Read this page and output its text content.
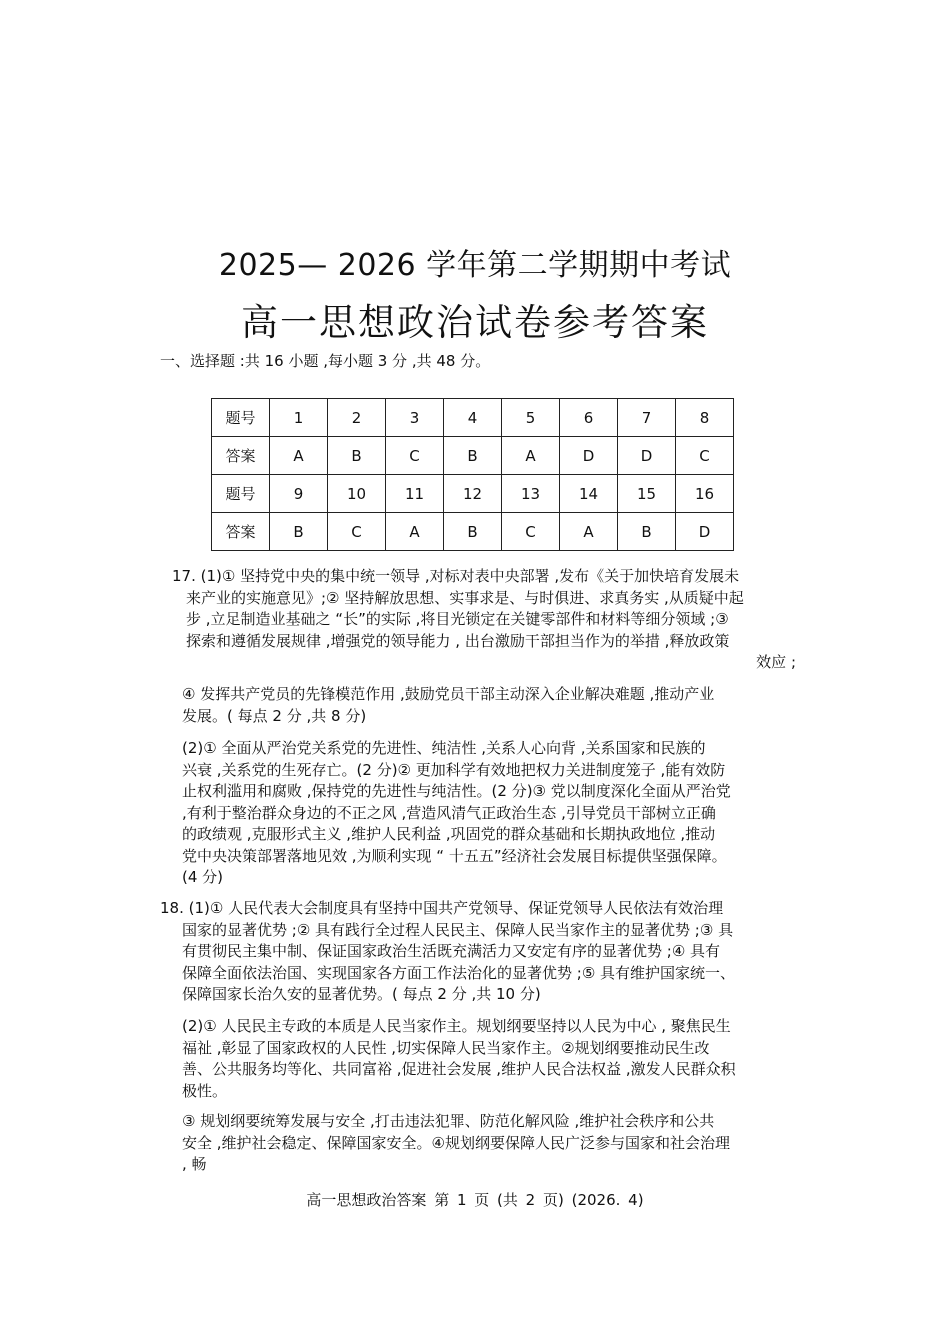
2025— 2026 学年第二学期期中考试
高一思想政治试卷参考答案
一、选择题 :共 16 小题 ,每小题 3 分 ,共 48 分。
题号	1	2	3	4	5	6	7	8
答案	A	B	C	B	A	D	D	C
题号	9	10	11	12	13	14	15	16
答案	B	C	A	B	C	A	B	D
17. (1)① 坚持党中央的集中统一领导 ,对标对表中央部署 ,发布《关于加快培育发展未
来产业的实施意见》;② 坚持解放思想、实事求是、与时俱进、求真务实 ,从质疑中起
步 ,立足制造业基础之 “长”的实际 ,将目光锁定在关键零部件和材料等细分领域 ;③
探索和遵循发展规律 ,增强党的领导能力 , 出台激励干部担当作为的举措 ,释放政策
效应 ;
④ 发挥共产党员的先锋模范作用 ,鼓励党员干部主动深入企业解决难题 ,推动产业
发展。( 每点 2 分 ,共 8 分)
(2)① 全面从严治党关系党的先进性、纯洁性 ,关系人心向背 ,关系国家和民族的
兴衰 ,关系党的生死存亡。(2 分)② 更加科学有效地把权力关进制度笼子 ,能有效防
止权利滥用和腐败 ,保持党的先进性与纯洁性。(2 分)③ 党以制度深化全面从严治党
,有利于整治群众身边的不正之风 ,营造风清气正政治生态 ,引导党员干部树立正确
的政绩观 ,克服形式主义 ,维护人民利益 ,巩固党的群众基础和长期执政地位 ,推动
党中央决策部署落地见效 ,为顺利实现 “ 十五五”经济社会发展目标提供坚强保障。
(4 分)
18. (1)① 人民代表大会制度具有坚持中国共产党领导、保证党领导人民依法有效治理
国家的显著优势 ;② 具有践行全过程人民民主、保障人民当家作主的显著优势 ;③ 具
有贯彻民主集中制、保证国家政治生活既充满活力又安定有序的显著优势 ;④ 具有
保障全面依法治国、实现国家各方面工作法治化的显著优势 ;⑤ 具有维护国家统一、
保障国家长治久安的显著优势。( 每点 2 分 ,共 10 分)
(2)① 人民民主专政的本质是人民当家作主。规划纲要坚持以人民为中心 , 聚焦民生
福祉 ,彰显了国家政权的人民性 ,切实保障人民当家作主。②规划纲要推动民生改
善、公共服务均等化、共同富裕 ,促进社会发展 ,维护人民合法权益 ,激发人民群众积
极性。
③ 规划纲要统筹发展与安全 ,打击违法犯罪、防范化解风险 ,维护社会秩序和公共
安全 ,维护社会稳定、保障国家安全。④规划纲要保障人民广泛参与国家和社会治理
, 畅
高一思想政治答案 第 1 页 (共 2 页) (2026. 4)
